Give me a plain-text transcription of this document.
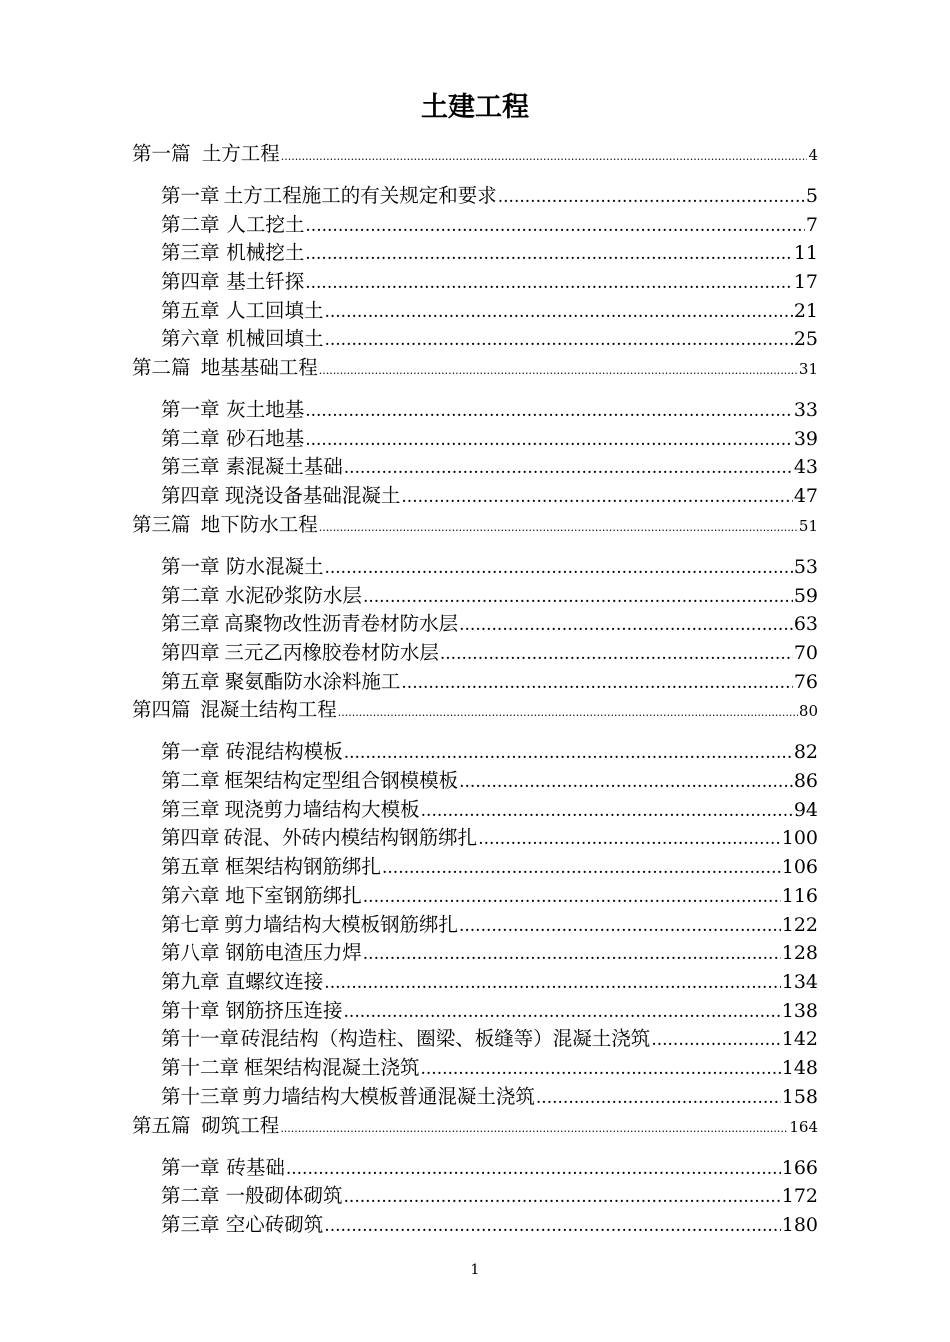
土建工程
第一篇 土方工程 .....	4
第一章 土方工程施工的有关规定和要求 .....	5
第二章 人工挖土 .....	7
第三章 机械挖土 .....	11
第四章 基土钎探 .....	17
第五章 人工回填土 .....	21
第六章 机械回填土 .....	25
第二篇 地基基础工程 .....	31
第一章 灰土地基 .....	33
第二章 砂石地基 .....	39
第三章 素混凝土基础 .....	43
第四章 现浇设备基础混凝土 .....	47
第三篇 地下防水工程 .....	51
第一章 防水混凝土 .....	53
第二章 水泥砂浆防水层 .....	59
第三章 高聚物改性沥青卷材防水层 .....	63
第四章 三元乙丙橡胶卷材防水层 .....	70
第五章 聚氨酯防水涂料施工 .....	76
第四篇 混凝土结构工程 .....	80
第一章 砖混结构模板 .....	82
第二章 框架结构定型组合钢模模板 .....	86
第三章 现浇剪力墙结构大模板 .....	94
第四章 砖混、外砖内模结构钢筋绑扎 .....	100
第五章 框架结构钢筋绑扎 .....	106
第六章 地下室钢筋绑扎 .....	116
第七章 剪力墙结构大模板钢筋绑扎 .....	122
第八章 钢筋电渣压力焊 .....	128
第九章 直螺纹连接 .....	134
第十章 钢筋挤压连接 .....	138
第十一章 砖混结构（构造柱、圈梁、板缝等）混凝土浇筑 .....	142
第十二章 框架结构混凝土浇筑 .....	148
第十三章 剪力墙结构大模板普通混凝土浇筑 .....	158
第五篇 砌筑工程 .....	164
第一章 砖基础 .....	166
第二章 一般砌体砌筑 .....	172
第三章 空心砖砌筑 .....	180
1
